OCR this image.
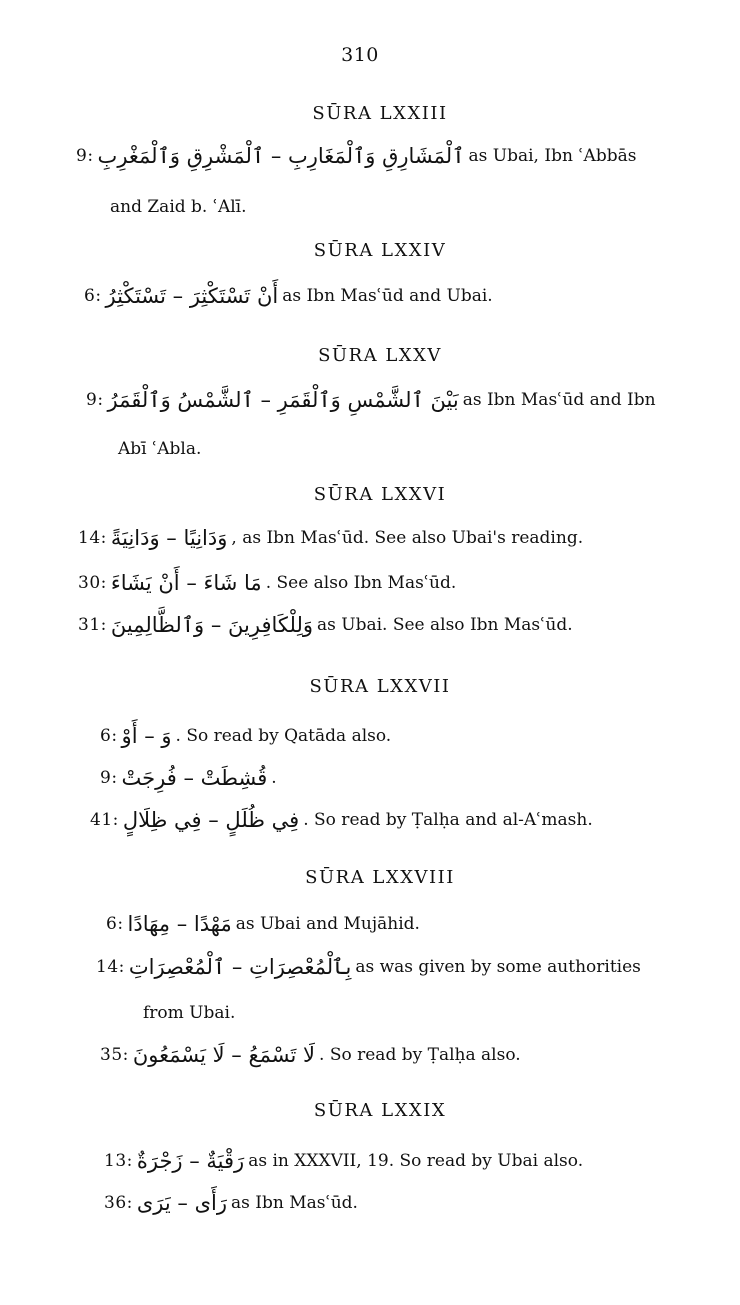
310
SŪRA LXXIII
9: ٱلْمَشَارِقِ وَٱلْمَغَارِبِ – ٱلْمَشْرِقِ وَٱلْمَغْرِبِ as Ubai, Ibn ʿAbbās
and Zaid b. ʿAlī.
SŪRA LXXIV
6: أَنْ تَسْتَكْثِرَ – تَسْتَكْثِرُ as Ibn Masʿūd and Ubai.
SŪRA LXXV
9: بَيْنَ ٱلشَّمْسِ وَٱلْقَمَرِ – ٱلشَّمْسُ وَٱلْقَمَرُ as Ibn Masʿūd and Ibn
Abī ʿAbla.
SŪRA LXXVI
14: وَدَانِيًا – وَدَانِيَةً , as Ibn Masʿūd. See also Ubai's reading.
30: مَا شَاءَ – أَنْ يَشَاءَ . See also Ibn Masʿūd.
31: وَلِلْكَافِرِينَ – وَٱلظَّالِمِينَ as Ubai. See also Ibn Masʿūd.
SŪRA LXXVII
6: وَ – أَوْ . So read by Qatāda also.
9: قُشِطَتْ – فُرِجَتْ .
41: فِي ظُلَلٍ – فِي ظِلَالٍ . So read by Ṭalḥa and al-Aʿmash.
SŪRA LXXVIII
6: مَهْدًا – مِهَادًا as Ubai and Mujāhid.
14: بِٱلْمُعْصِرَاتِ – ٱلْمُعْصِرَاتِ as was given by some authorities
from Ubai.
35: لَا تَسْمَعُ – لَا يَسْمَعُونَ . So read by Ṭalḥa also.
SŪRA LXXIX
13: رَقْيَةٌ – زَجْرَةٌ as in XXXVII, 19. So read by Ubai also.
36: رَأَى – يَرَى as Ibn Masʿūd.
